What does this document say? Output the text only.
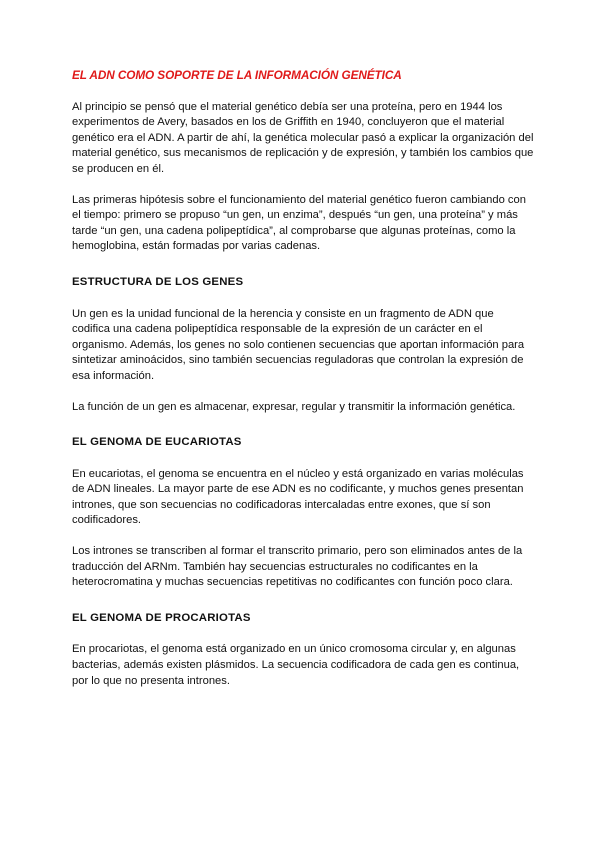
EL ADN COMO SOPORTE DE LA INFORMACIÓN GENÉTICA
Al principio se pensó que el material genético debía ser una proteína, pero en 1944 los experimentos de Avery, basados en los de Griffith en 1940, concluyeron que el material genético era el ADN. A partir de ahí, la genética molecular pasó a explicar la organización del material genético, sus mecanismos de replicación y de expresión, y también los cambios que se producen en él.
Las primeras hipótesis sobre el funcionamiento del material genético fueron cambiando con el tiempo: primero se propuso “un gen, un enzima”, después “un gen, una proteína” y más tarde “un gen, una cadena polipeptídica”, al comprobarse que algunas proteínas, como la hemoglobina, están formadas por varias cadenas.
ESTRUCTURA DE LOS GENES
Un gen es la unidad funcional de la herencia y consiste en un fragmento de ADN que codifica una cadena polipeptídica responsable de la expresión de un carácter en el organismo. Además, los genes no solo contienen secuencias que aportan información para sintetizar aminoácidos, sino también secuencias reguladoras que controlan la expresión de esa información.
La función de un gen es almacenar, expresar, regular y transmitir la información genética.
EL GENOMA DE EUCARIOTAS
En eucariotas, el genoma se encuentra en el núcleo y está organizado en varias moléculas de ADN lineales. La mayor parte de ese ADN es no codificante, y muchos genes presentan intrones, que son secuencias no codificadoras intercaladas entre exones, que sí son codificadores.
Los intrones se transcriben al formar el transcrito primario, pero son eliminados antes de la traducción del ARNm. También hay secuencias estructurales no codificantes en la heterocromatina y muchas secuencias repetitivas no codificantes con función poco clara.
EL GENOMA DE PROCARIOTAS
En procariotas, el genoma está organizado en un único cromosoma circular y, en algunas bacterias, además existen plásmidos. La secuencia codificadora de cada gen es continua, por lo que no presenta intrones.
